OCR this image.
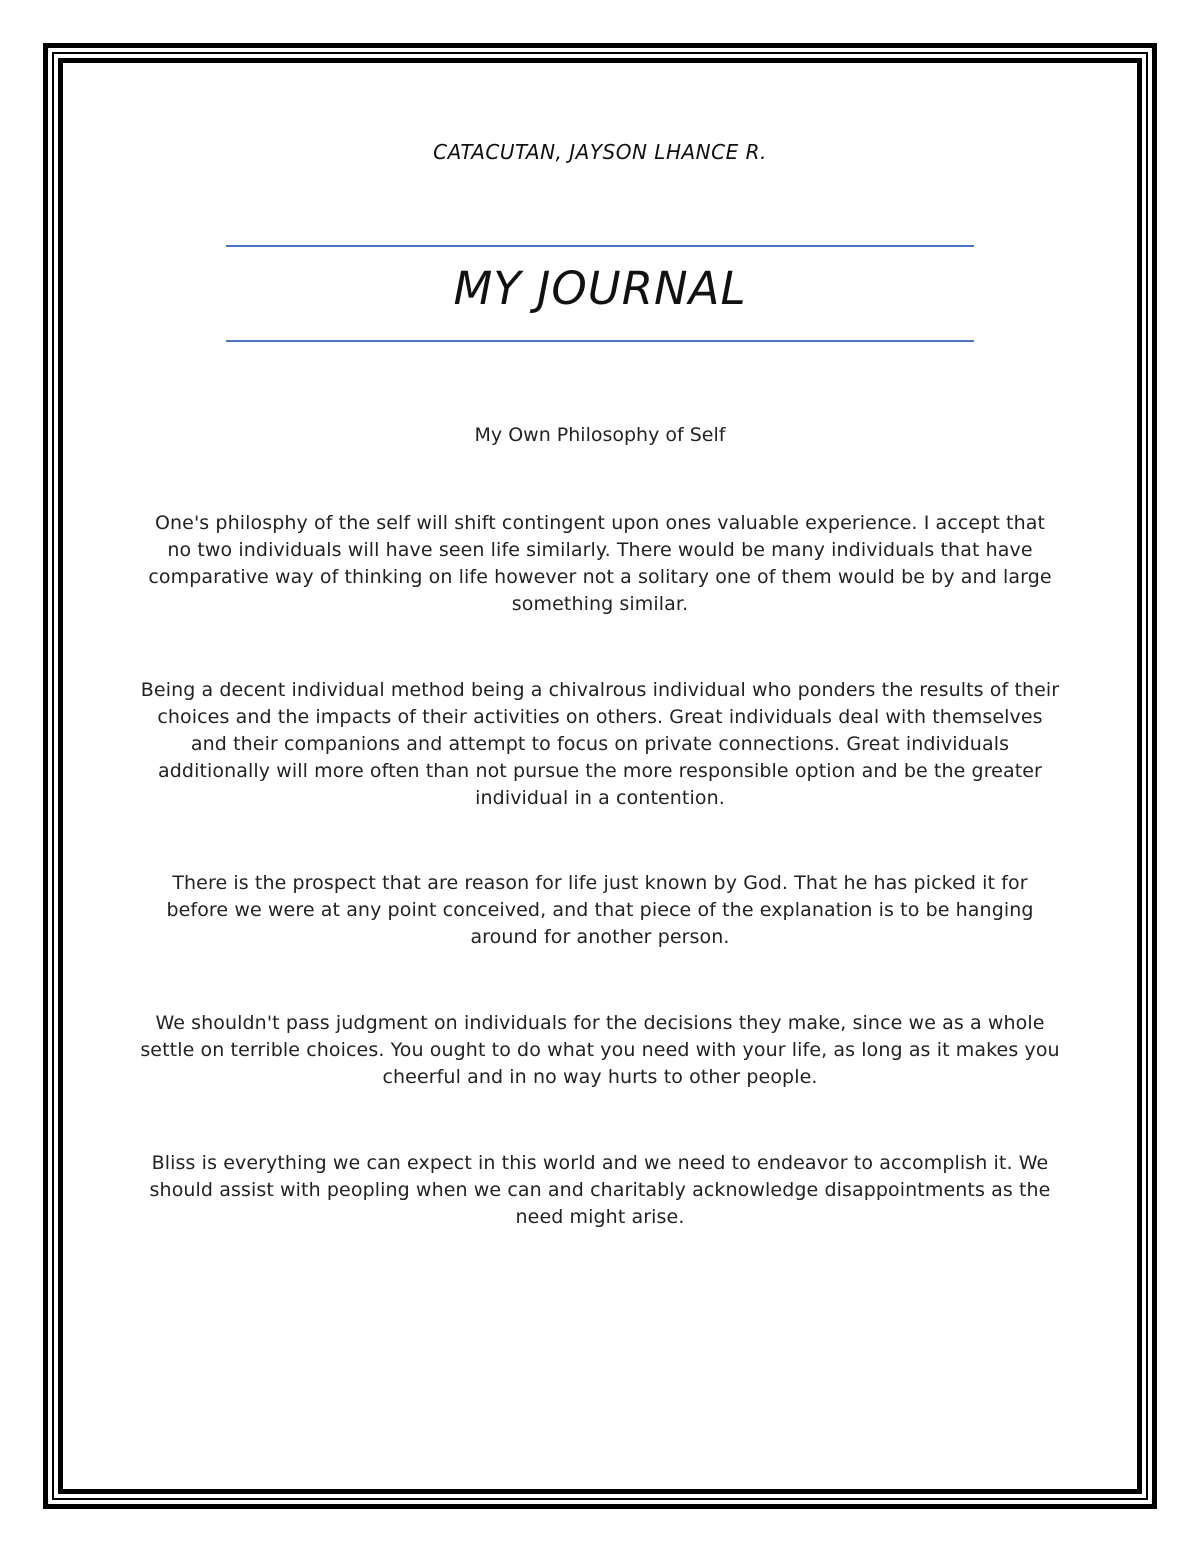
CATACUTAN, JAYSON LHANCE R.
MY JOURNAL
My Own Philosophy of Self
One's philosphy of the self will shift contingent upon ones valuable experience. I accept that no two individuals will have seen life similarly. There would be many individuals that have comparative way of thinking on life however not a solitary one of them would be by and large something similar.
Being a decent individual method being a chivalrous individual who ponders the results of their choices and the impacts of their activities on others. Great individuals deal with themselves and their companions and attempt to focus on private connections. Great individuals additionally will more often than not pursue the more responsible option and be the greater individual in a contention.
There is the prospect that are reason for life just known by God. That he has picked it for before we were at any point conceived, and that piece of the explanation is to be hanging around for another person.
We shouldn't pass judgment on individuals for the decisions they make, since we as a whole settle on terrible choices. You ought to do what you need with your life, as long as it makes you cheerful and in no way hurts to other people.
Bliss is everything we can expect in this world and we need to endeavor to accomplish it. We should assist with peopling when we can and charitably acknowledge disappointments as the need might arise.
